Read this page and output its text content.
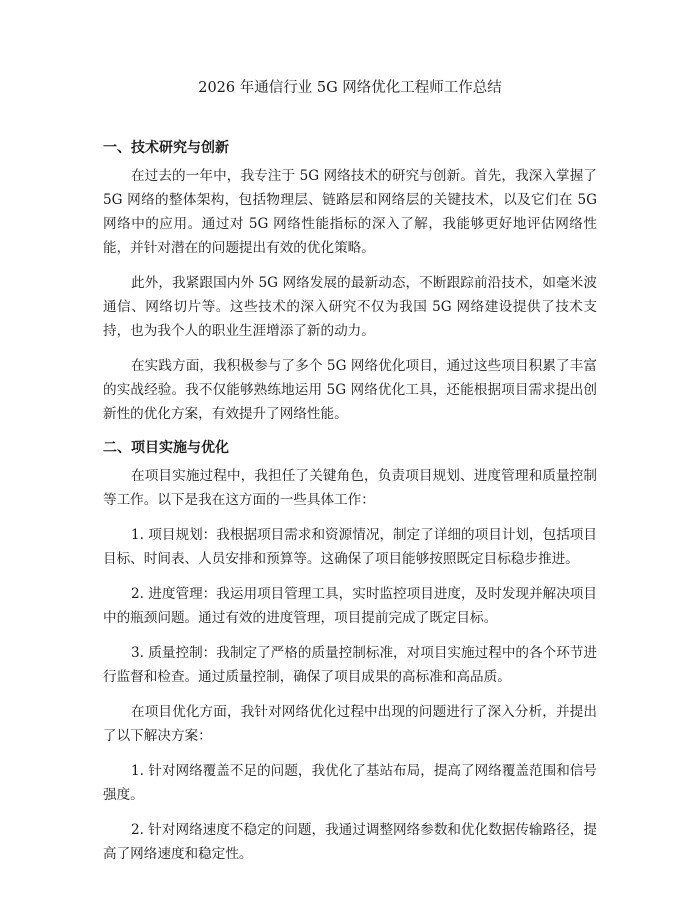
2026 年通信行业 5G 网络优化工程师工作总结
一、技术研究与创新

在过去的一年中，我专注于 5G 网络技术的研究与创新。首先，我深入掌握了 5G 网络的整体架构，包括物理层、链路层和网络层的关键技术，以及它们在 5G 网络中的应用。通过对 5G 网络性能指标的深入了解，我能够更好地评估网络性能，并针对潜在的问题提出有效的优化策略。

此外，我紧跟国内外 5G 网络发展的最新动态，不断跟踪前沿技术，如毫米波通信、网络切片等。这些技术的深入研究不仅为我国 5G 网络建设提供了技术支持，也为我个人的职业生涯增添了新的动力。

在实践方面，我积极参与了多个 5G 网络优化项目，通过这些项目积累了丰富的实战经验。我不仅能够熟练地运用 5G 网络优化工具，还能根据项目需求提出创新性的优化方案，有效提升了网络性能。

二、项目实施与优化

在项目实施过程中，我担任了关键角色，负责项目规划、进度管理和质量控制等工作。以下是我在这方面的一些具体工作：

1. 项目规划：我根据项目需求和资源情况，制定了详细的项目计划，包括项目目标、时间表、人员安排和预算等。这确保了项目能够按照既定目标稳步推进。

2. 进度管理：我运用项目管理工具，实时监控项目进度，及时发现并解决项目中的瓶颈问题。通过有效的进度管理，项目提前完成了既定目标。

3. 质量控制：我制定了严格的质量控制标准，对项目实施过程中的各个环节进行监督和检查。通过质量控制，确保了项目成果的高标准和高品质。

在项目优化方面，我针对网络优化过程中出现的问题进行了深入分析，并提出了以下解决方案：

1. 针对网络覆盖不足的问题，我优化了基站布局，提高了网络覆盖范围和信号强度。

2. 针对网络速度不稳定的问题，我通过调整网络参数和优化数据传输路径，提高了网络速度和稳定性。
